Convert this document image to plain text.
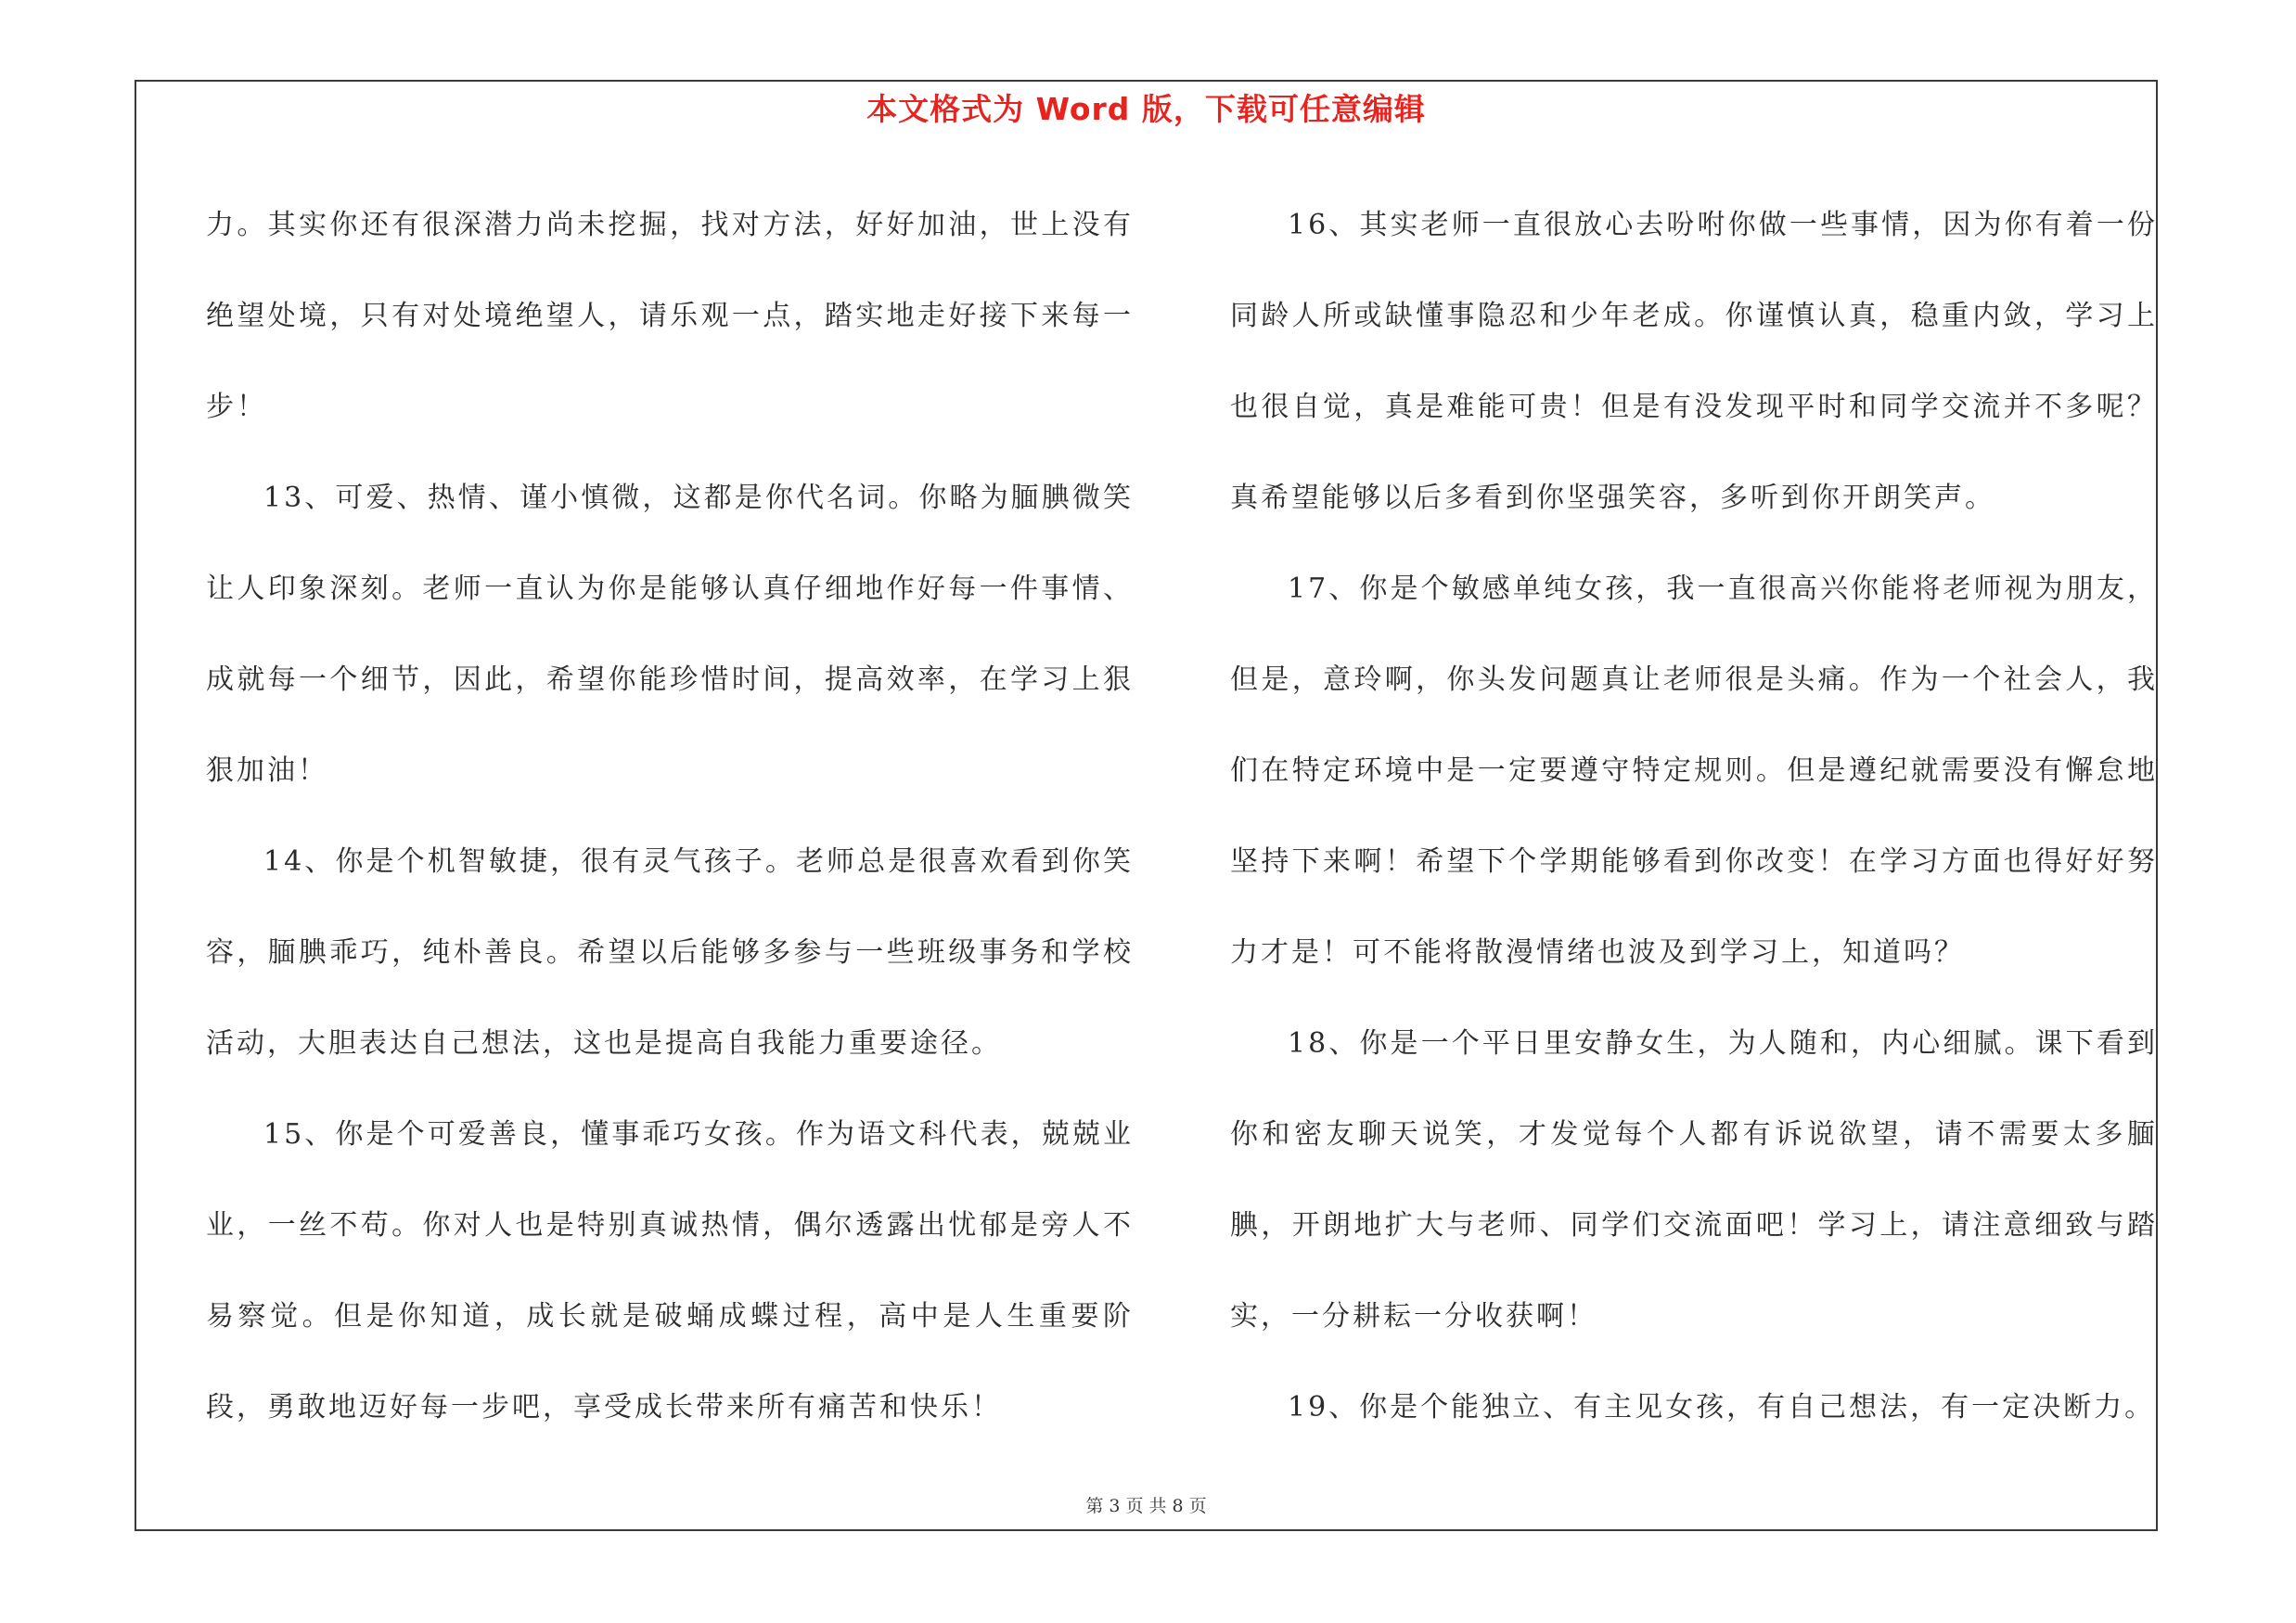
本文格式为 Word 版，下载可任意编辑

力。其实你还有很深潜力尚未挖掘，找对方法，好好加油，世上没有绝望处境，只有对处境绝望人，请乐观一点，踏实地走好接下来每一步！

13、可爱、热情、谨小慎微，这都是你代名词。你略为腼腆微笑让人印象深刻。老师一直认为你是能够认真仔细地作好每一件事情、成就每一个细节，因此，希望你能珍惜时间，提高效率，在学习上狠狠加油！

14、你是个机智敏捷，很有灵气孩子。老师总是很喜欢看到你笑容，腼腆乖巧，纯朴善良。希望以后能够多参与一些班级事务和学校活动，大胆表达自己想法，这也是提高自我能力重要途径。

15、你是个可爱善良，懂事乖巧女孩。作为语文科代表，兢兢业业，一丝不苟。你对人也是特别真诚热情，偶尔透露出忧郁是旁人不易察觉。但是你知道，成长就是破蛹成蝶过程，高中是人生重要阶段，勇敢地迈好每一步吧，享受成长带来所有痛苦和快乐！

16、其实老师一直很放心去吩咐你做一些事情，因为你有着一份同龄人所或缺懂事隐忍和少年老成。你谨慎认真，稳重内敛，学习上也很自觉，真是难能可贵！但是有没发现平时和同学交流并不多呢？真希望能够以后多看到你坚强笑容，多听到你开朗笑声。

17、你是个敏感单纯女孩，我一直很高兴你能将老师视为朋友，但是，意玲啊，你头发问题真让老师很是头痛。作为一个社会人，我们在特定环境中是一定要遵守特定规则。但是遵纪就需要没有懈怠地坚持下来啊！希望下个学期能够看到你改变！在学习方面也得好好努力才是！可不能将散漫情绪也波及到学习上，知道吗？

18、你是一个平日里安静女生，为人随和，内心细腻。课下看到你和密友聊天说笑，才发觉每个人都有诉说欲望，请不需要太多腼腆，开朗地扩大与老师、同学们交流面吧！学习上，请注意细致与踏实，一分耕耘一分收获啊！

19、你是个能独立、有主见女孩，有自己想法，有一定决断力。

第 3 页 共 8 页
